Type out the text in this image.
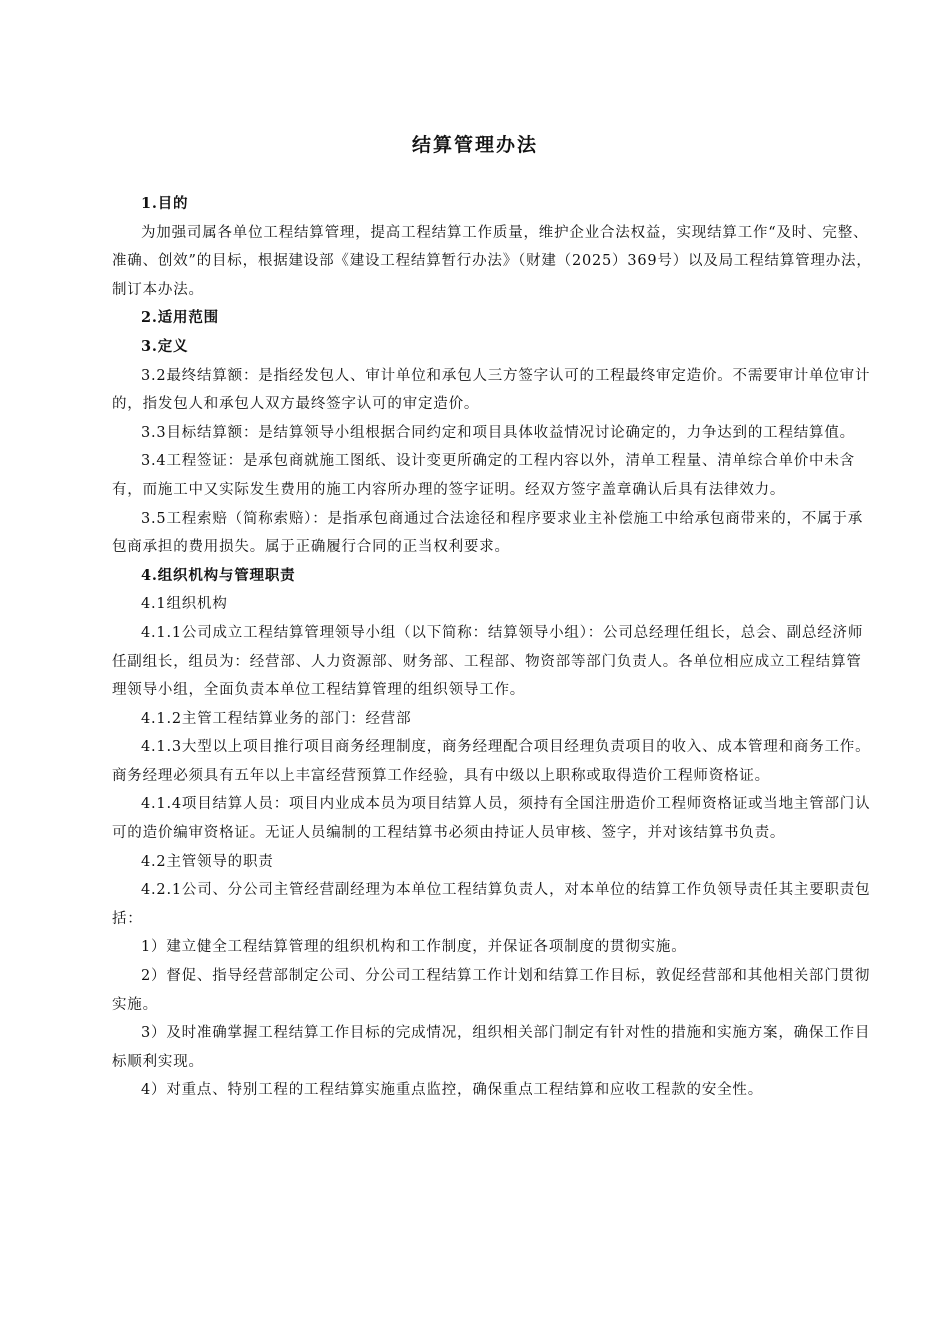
结算管理办法

1.目的

为加强司属各单位工程结算管理，提高工程结算工作质量，维护企业合法权益，实现结算工作“及时、完整、准确、创效”的目标，根据建设部《建设工程结算暂行办法》（财建（2025）369号）以及局工程结算管理办法，制订本办法。

2.适用范围

3.定义

3.2最终结算额：是指经发包人、审计单位和承包人三方签字认可的工程最终审定造价。不需要审计单位审计的，指发包人和承包人双方最终签字认可的审定造价。

3.3目标结算额：是结算领导小组根据合同约定和项目具体收益情况讨论确定的，力争达到的工程结算值。

3.4工程签证：是承包商就施工图纸、设计变更所确定的工程内容以外，清单工程量、清单综合单价中未含有，而施工中又实际发生费用的施工内容所办理的签字证明。经双方签字盖章确认后具有法律效力。

3.5工程索赔（简称索赔）：是指承包商通过合法途径和程序要求业主补偿施工中给承包商带来的，不属于承包商承担的费用损失。属于正确履行合同的正当权利要求。

4.组织机构与管理职责

4.1组织机构

4.1.1公司成立工程结算管理领导小组（以下简称：结算领导小组）：公司总经理任组长，总会、副总经济师任副组长，组员为：经营部、人力资源部、财务部、工程部、物资部等部门负责人。各单位相应成立工程结算管理领导小组，全面负责本单位工程结算管理的组织领导工作。

4.1.2主管工程结算业务的部门：经营部

4.1.3大型以上项目推行项目商务经理制度，商务经理配合项目经理负责项目的收入、成本管理和商务工作。商务经理必须具有五年以上丰富经营预算工作经验，具有中级以上职称或取得造价工程师资格证。

4.1.4项目结算人员：项目内业成本员为项目结算人员，须持有全国注册造价工程师资格证或当地主管部门认可的造价编审资格证。无证人员编制的工程结算书必须由持证人员审核、签字，并对该结算书负责。

4.2主管领导的职责

4.2.1公司、分公司主管经营副经理为本单位工程结算负责人，对本单位的结算工作负领导责任其主要职责包括：

1）建立健全工程结算管理的组织机构和工作制度，并保证各项制度的贯彻实施。

2）督促、指导经营部制定公司、分公司工程结算工作计划和结算工作目标，敦促经营部和其他相关部门贯彻实施。

3）及时准确掌握工程结算工作目标的完成情况，组织相关部门制定有针对性的措施和实施方案，确保工作目标顺利实现。

4）对重点、特别工程的工程结算实施重点监控，确保重点工程结算和应收工程款的安全性。
